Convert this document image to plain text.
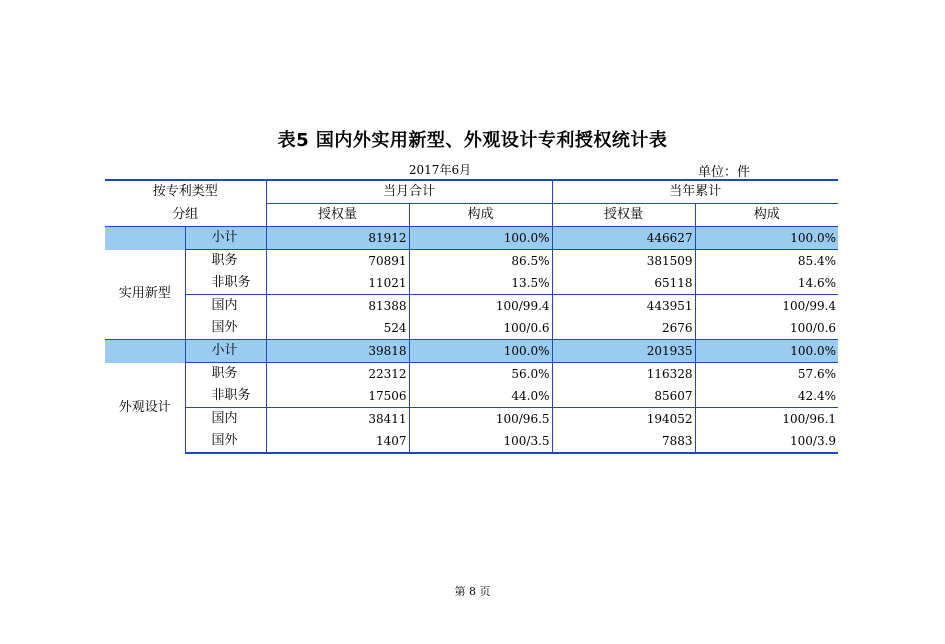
表5 国内外实用新型、外观设计专利授权统计表
2017年6月	单位：件
按专利类型		当月合计		当年累计	
分组		授权量	构成	授权量	构成
	小计	81912	100.0%	446627	100.0%
实用新型	职务	70891	86.5%	381509	85.4%
	非职务	11021	13.5%	65118	14.6%
	国内	81388	100/99.4	443951	100/99.4
	国外	524	100/0.6	2676	100/0.6
	小计	39818	100.0%	201935	100.0%
外观设计	职务	22312	56.0%	116328	57.6%
	非职务	17506	44.0%	85607	42.4%
	国内	38411	100/96.5	194052	100/96.1
	国外	1407	100/3.5	7883	100/3.9
第 8 页
